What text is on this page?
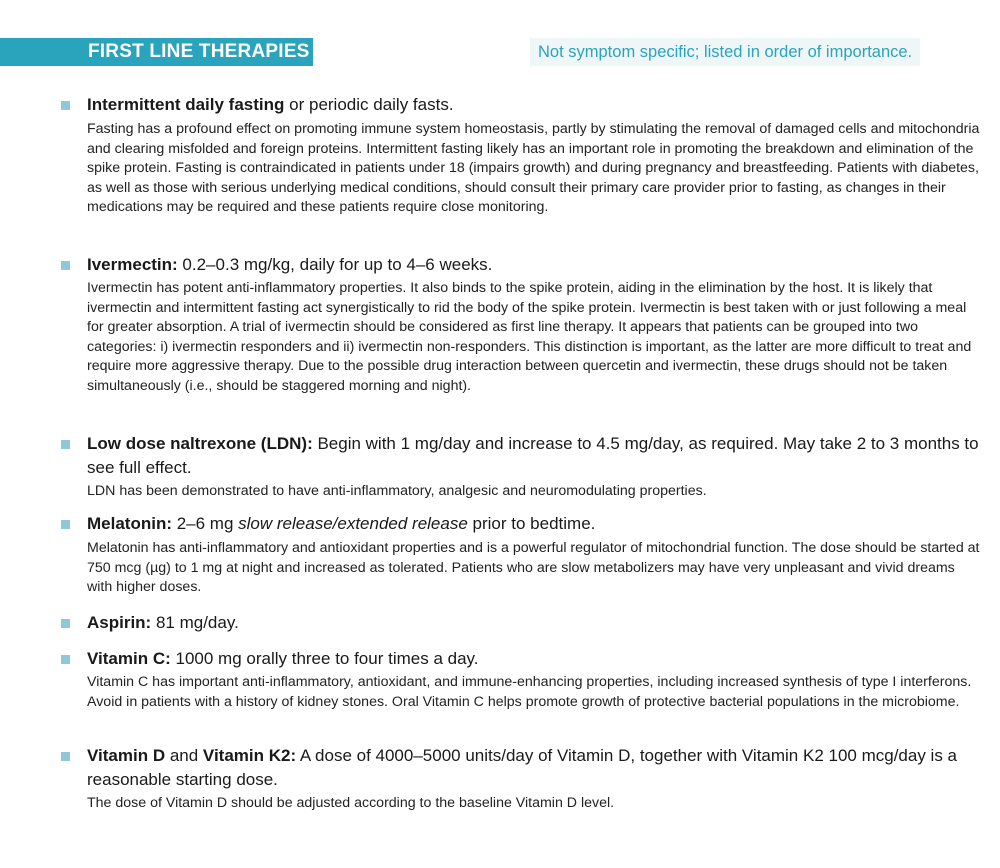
FIRST LINE THERAPIES	Not symptom specific; listed in order of importance.
Intermittent daily fasting or periodic daily fasts.
Fasting has a profound effect on promoting immune system homeostasis, partly by stimulating the removal of damaged cells and mitochondria and clearing misfolded and foreign proteins. Intermittent fasting likely has an important role in promoting the breakdown and elimination of the spike protein. Fasting is contraindicated in patients under 18 (impairs growth) and during pregnancy and breastfeeding. Patients with diabetes, as well as those with serious underlying medical conditions, should consult their primary care provider prior to fasting, as changes in their medications may be required and these patients require close monitoring.
Ivermectin: 0.2–0.3 mg/kg, daily for up to 4–6 weeks.
Ivermectin has potent anti-inflammatory properties. It also binds to the spike protein, aiding in the elimination by the host. It is likely that ivermectin and intermittent fasting act synergistically to rid the body of the spike protein. Ivermectin is best taken with or just following a meal for greater absorption. A trial of ivermectin should be considered as first line therapy. It appears that patients can be grouped into two categories: i) ivermectin responders and ii) ivermectin non-responders. This distinction is important, as the latter are more difficult to treat and require more aggressive therapy. Due to the possible drug interaction between quercetin and ivermectin, these drugs should not be taken simultaneously (i.e., should be staggered morning and night).
Low dose naltrexone (LDN): Begin with 1 mg/day and increase to 4.5 mg/day, as required. May take 2 to 3 months to see full effect.
LDN has been demonstrated to have anti-inflammatory, analgesic and neuromodulating properties.
Melatonin: 2–6 mg slow release/extended release prior to bedtime.
Melatonin has anti-inflammatory and antioxidant properties and is a powerful regulator of mitochondrial function. The dose should be started at 750 mcg (µg) to 1 mg at night and increased as tolerated. Patients who are slow metabolizers may have very unpleasant and vivid dreams with higher doses.
Aspirin: 81 mg/day.
Vitamin C: 1000 mg orally three to four times a day.
Vitamin C has important anti-inflammatory, antioxidant, and immune-enhancing properties, including increased synthesis of type I interferons. Avoid in patients with a history of kidney stones. Oral Vitamin C helps promote growth of protective bacterial populations in the microbiome.
Vitamin D and Vitamin K2: A dose of 4000–5000 units/day of Vitamin D, together with Vitamin K2 100 mcg/day is a reasonable starting dose.
The dose of Vitamin D should be adjusted according to the baseline Vitamin D level.
